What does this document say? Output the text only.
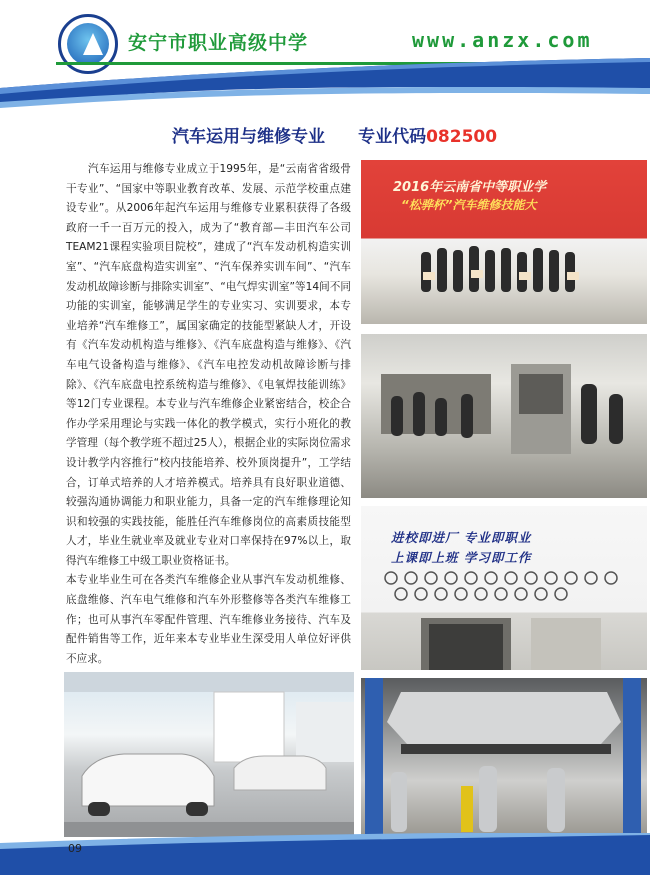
安宁市职业高级中学	www.anzx.com
汽车运用与维修专业 专业代码082500

汽车运用与维修专业成立于1995年，是“云南省省级骨干专业”、“国家中等职业教育改革、发展、示范学校重点建设专业”。从2006年起汽车运用与维修专业累积获得了各级政府一千一百万元的投入，成为了“教育部—丰田汽车公司 TEAM21课程实验项目院校”，建成了“汽车发动机构造实训室”、“汽车底盘构造实训室”、“汽车保养实训车间”、“汽车发动机故障诊断与排除实训室”、“电气焊实训室”等14间不同功能的实训室，能够满足学生的专业实习、实训要求，本专业培养“汽车维修工”，属国家确定的技能型紧缺人才，开设有《汽车发动机构造与维修》、《汽车底盘构造与维修》、《汽车电气设备构造与维修》、《汽车电控发动机故障诊断与排除》、《汽车底盘电控系统构造与维修》、《电氧焊技能训练》等12门专业课程。本专业与汽车维修企业紧密结合，校企合作办学采用理论与实践一体化的教学模式，实行小班化的教学管理（每个教学班不超过25人），根据企业的实际岗位需求设计教学内容推行“校内技能培养、校外顶岗提升”，工学结合，订单式培养的人才培养模式。培养具有良好职业道德、较强沟通协调能力和职业能力，具备一定的汽车维修理论知识和较强的实践技能，能胜任汽车维修岗位的高素质技能型人才，毕业生就业率及就业专业对口率保持在97%以上，取得汽车维修工中级工职业资格证书。

本专业毕业生可在各类汽车维修企业从事汽车发动机维修、底盘维修、汽车电气维修和汽车外形整修等各类汽车维修工作；也可从事汽车零配件管理、汽车维修业务接待、汽车及配件销售等工作，近年来本专业毕业生深受用人单位好评供不应求。

2016年云南省中等职业学
“松骅杯”汽车维修技能大
进校即进厂 专业即职业
上课即上班 学习即工作
09
